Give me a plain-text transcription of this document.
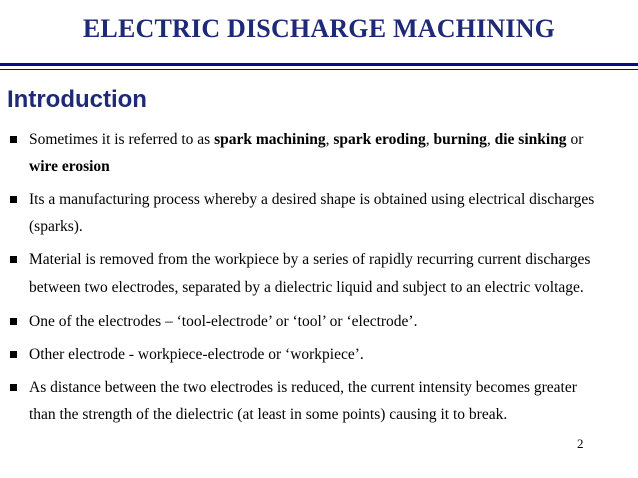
ELECTRIC DISCHARGE MACHINING
Introduction
Sometimes it is referred to as spark machining, spark eroding, burning, die sinking or wire erosion
Its a manufacturing process whereby a desired shape is obtained using electrical discharges (sparks).
Material is removed from the workpiece by a series of rapidly recurring current discharges between two electrodes, separated by a dielectric liquid and subject to an electric voltage.
One of the electrodes – ‘tool-electrode’ or ‘tool’ or ‘electrode’.
Other electrode - workpiece-electrode or ‘workpiece’.
As distance between the two electrodes is reduced, the current intensity becomes greater than the strength of the dielectric (at least in some points) causing it to break.
2
